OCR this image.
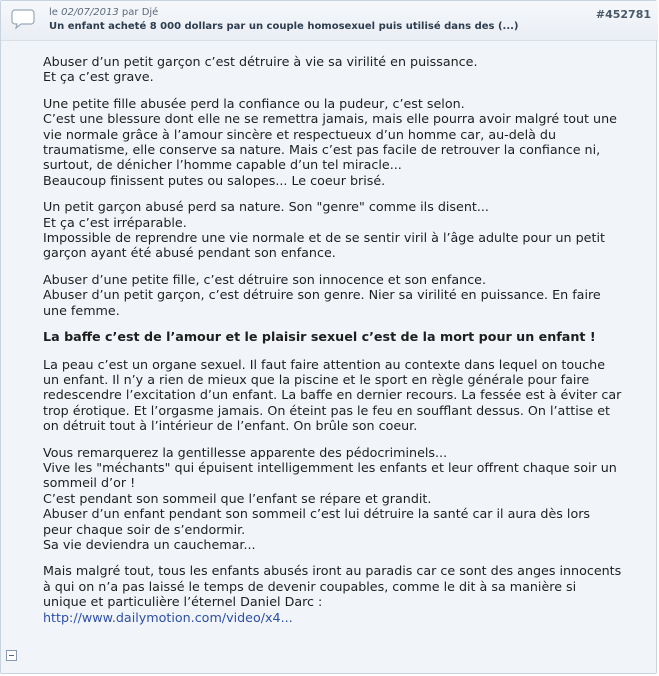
le 02/07/2013 par Djé
Un enfant acheté 8 000 dollars par un couple homosexuel puis utilisé dans des (...)
#452781

Abuser d’un petit garçon c’est détruire à vie sa virilité en puissance.
Et ça c’est grave.

Une petite fille abusée perd la confiance ou la pudeur, c’est selon.
C’est une blessure dont elle ne se remettra jamais, mais elle pourra avoir malgré tout une vie normale grâce à l’amour sincère et respectueux d’un homme car, au-delà du traumatisme, elle conserve sa nature. Mais c’est pas facile de retrouver la confiance ni, surtout, de dénicher l’homme capable d’un tel miracle...
Beaucoup finissent putes ou salopes... Le coeur brisé.

Un petit garçon abusé perd sa nature. Son "genre" comme ils disent...
Et ça c’est irréparable.
Impossible de reprendre une vie normale et de se sentir viril à l’âge adulte pour un petit garçon ayant été abusé pendant son enfance.

Abuser d’une petite fille, c’est détruire son innocence et son enfance.
Abuser d’un petit garçon, c’est détruire son genre. Nier sa virilité en puissance. En faire une femme.

La baffe c’est de l’amour et le plaisir sexuel c’est de la mort pour un enfant !

La peau c’est un organe sexuel. Il faut faire attention au contexte dans lequel on touche un enfant. Il n’y a rien de mieux que la piscine et le sport en règle générale pour faire redescendre l’excitation d’un enfant. La baffe en dernier recours. La fessée est à éviter car trop érotique. Et l’orgasme jamais. On éteint pas le feu en soufflant dessus. On l’attise et on détruit tout à l’intérieur de l’enfant. On brûle son coeur.

Vous remarquerez la gentillesse apparente des pédocriminels...
Vive les "méchants" qui épuisent intelligemment les enfants et leur offrent chaque soir un sommeil d’or !
C’est pendant son sommeil que l’enfant se répare et grandit.
Abuser d’un enfant pendant son sommeil c’est lui détruire la santé car il aura dès lors peur chaque soir de s’endormir.
Sa vie deviendra un cauchemar...

Mais malgré tout, tous les enfants abusés iront au paradis car ce sont des anges innocents à qui on n’a pas laissé le temps de devenir coupables, comme le dit à sa manière si unique et particulière l’éternel Daniel Darc :
http://www.dailymotion.com/video/x4...
